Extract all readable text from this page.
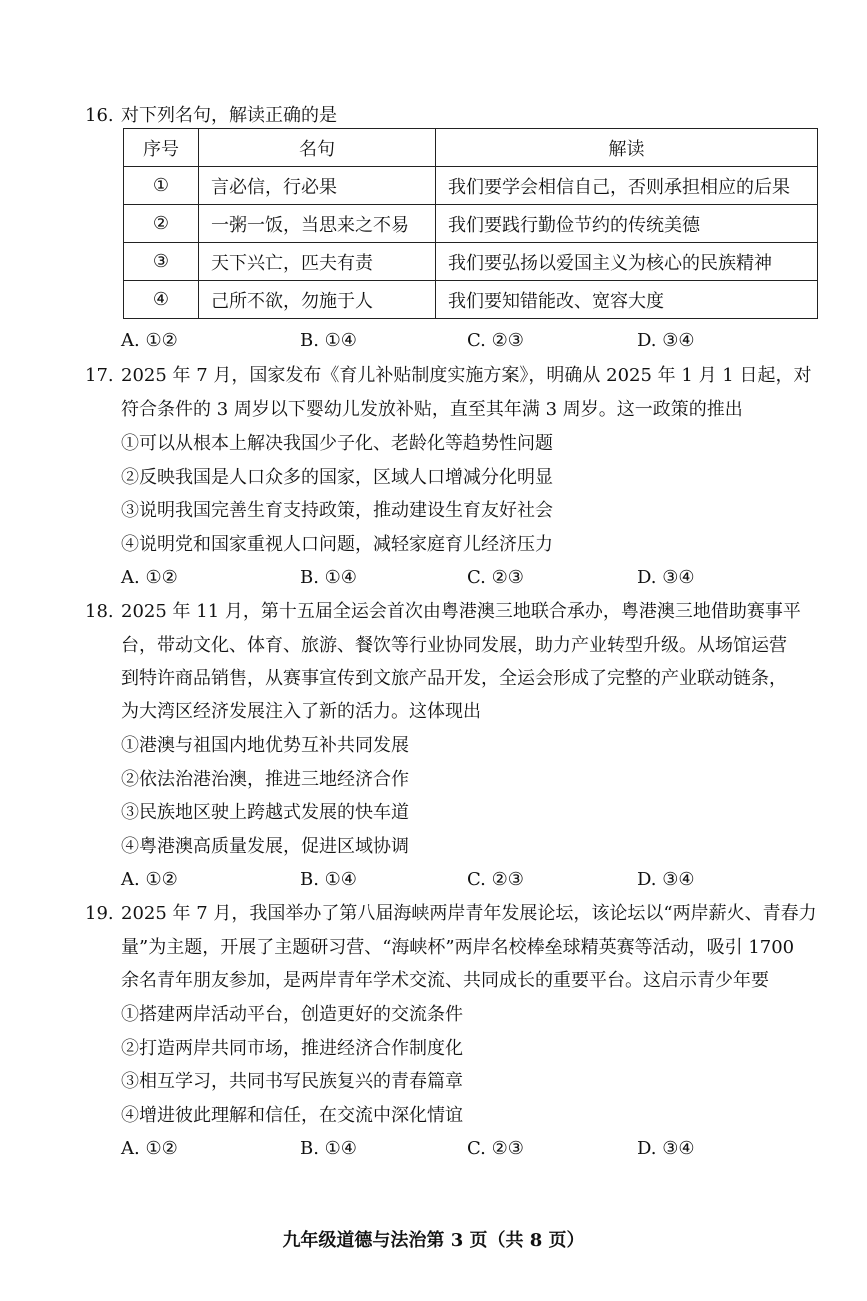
16. 对下列名句，解读正确的是
序号	名句	解读
①	言必信，行必果	我们要学会相信自己，否则承担相应的后果
②	一粥一饭，当思来之不易	我们要践行勤俭节约的传统美德
③	天下兴亡，匹夫有责	我们要弘扬以爱国主义为核心的民族精神
④	己所不欲，勿施于人	我们要知错能改、宽容大度
A. ①②	B. ①④	C. ②③	D. ③④
17. 2025 年 7 月，国家发布《育儿补贴制度实施方案》，明确从 2025 年 1 月 1 日起，对
符合条件的 3 周岁以下婴幼儿发放补贴，直至其年满 3 周岁。这一政策的推出
①可以从根本上解决我国少子化、老龄化等趋势性问题
②反映我国是人口众多的国家，区域人口增减分化明显
③说明我国完善生育支持政策，推动建设生育友好社会
④说明党和国家重视人口问题，减轻家庭育儿经济压力
A. ①②	B. ①④	C. ②③	D. ③④
18. 2025 年 11 月，第十五届全运会首次由粤港澳三地联合承办，粤港澳三地借助赛事平
台，带动文化、体育、旅游、餐饮等行业协同发展，助力产业转型升级。从场馆运营
到特许商品销售，从赛事宣传到文旅产品开发，全运会形成了完整的产业联动链条，
为大湾区经济发展注入了新的活力。这体现出
①港澳与祖国内地优势互补共同发展
②依法治港治澳，推进三地经济合作
③民族地区驶上跨越式发展的快车道
④粤港澳高质量发展，促进区域协调
A. ①②	B. ①④	C. ②③	D. ③④
19. 2025 年 7 月，我国举办了第八届海峡两岸青年发展论坛，该论坛以“两岸薪火、青春力
量”为主题，开展了主题研习营、“海峡杯”两岸名校棒垒球精英赛等活动，吸引 1700
余名青年朋友参加，是两岸青年学术交流、共同成长的重要平台。这启示青少年要
①搭建两岸活动平台，创造更好的交流条件
②打造两岸共同市场，推进经济合作制度化
③相互学习，共同书写民族复兴的青春篇章
④增进彼此理解和信任，在交流中深化情谊
A. ①②	B. ①④	C. ②③	D. ③④
九年级道德与法治第 3 页（共 8 页）
